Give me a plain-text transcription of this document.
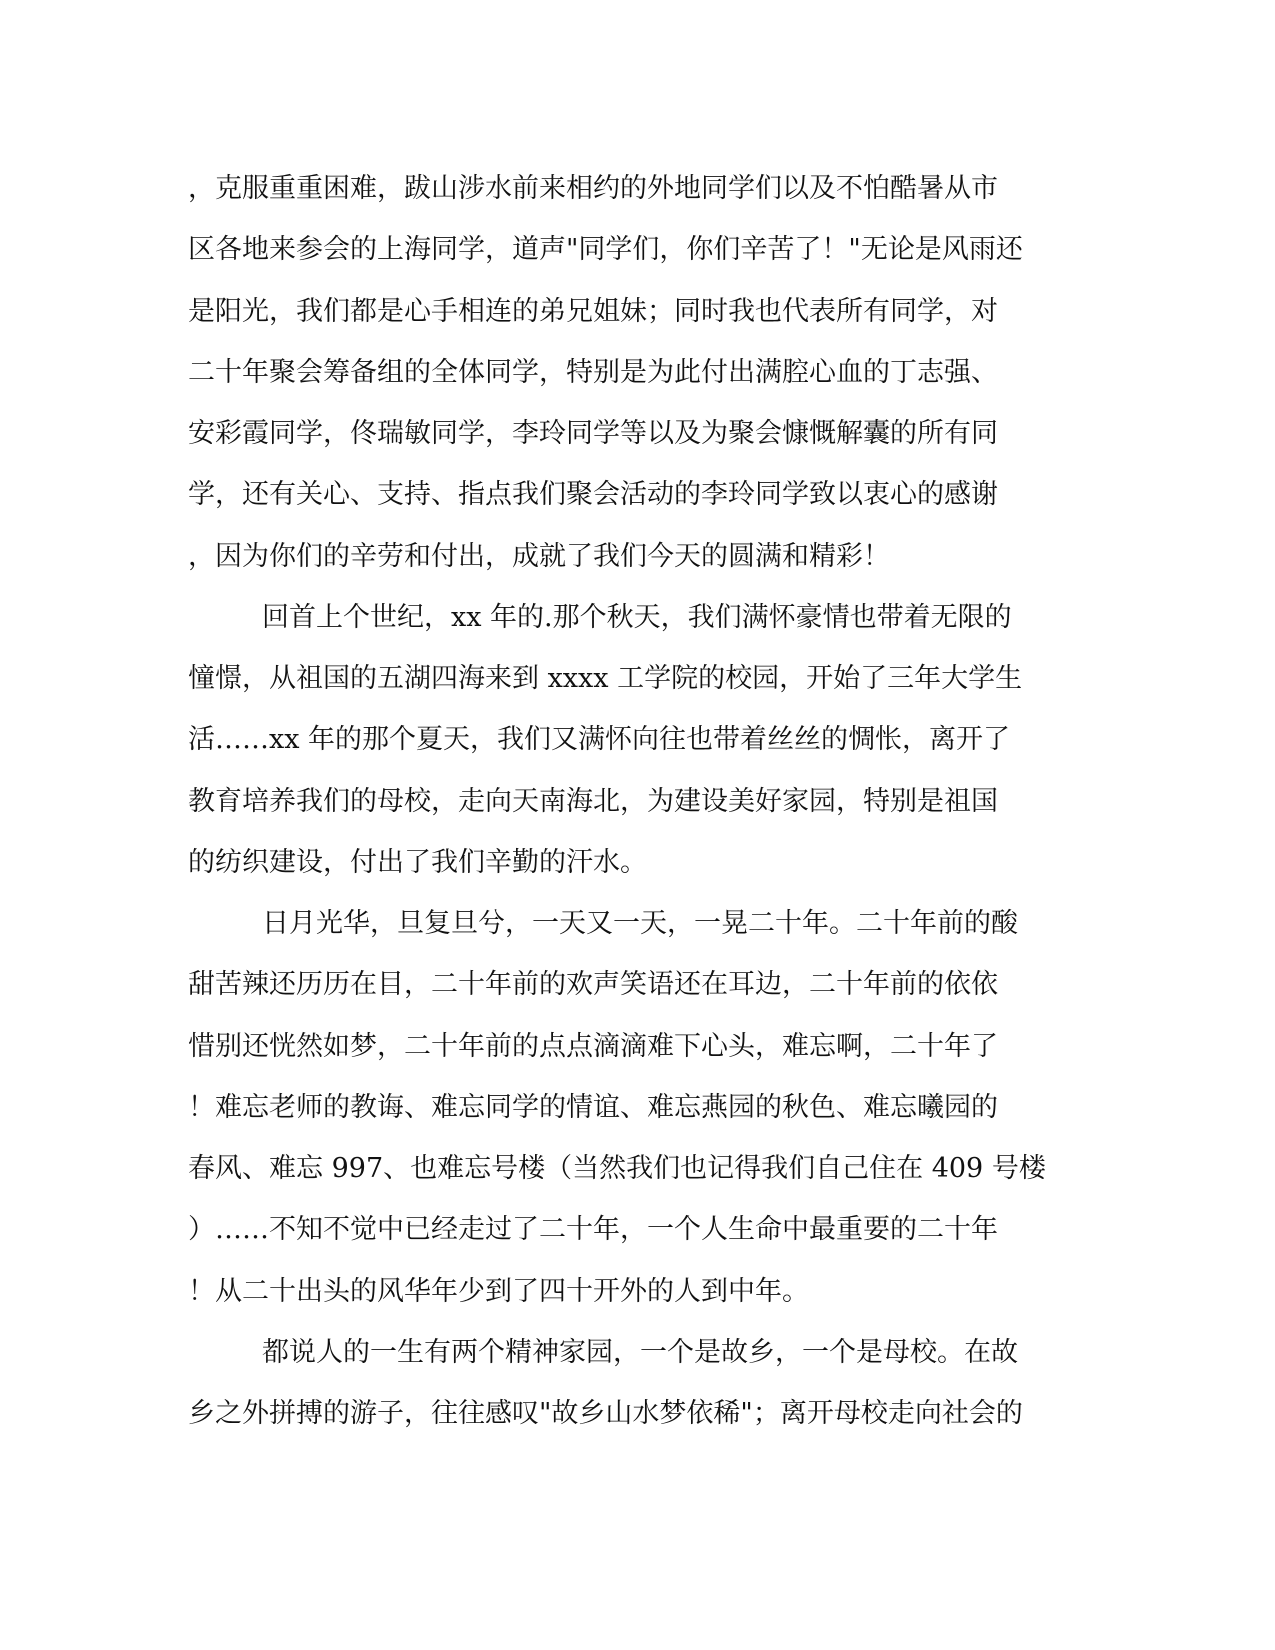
，克服重重困难，跋山涉水前来相约的外地同学们以及不怕酷暑从市
区各地来参会的上海同学，道声"同学们，你们辛苦了！"无论是风雨还
是阳光，我们都是心手相连的弟兄姐妹；同时我也代表所有同学，对
二十年聚会筹备组的全体同学，特别是为此付出满腔心血的丁志强、
安彩霞同学，佟瑞敏同学，李玲同学等以及为聚会慷慨解囊的所有同
学，还有关心、支持、指点我们聚会活动的李玲同学致以衷心的感谢
，因为你们的辛劳和付出，成就了我们今天的圆满和精彩！
回首上个世纪，xx 年的.那个秋天，我们满怀豪情也带着无限的
憧憬，从祖国的五湖四海来到 xxxx 工学院的校园，开始了三年大学生
活……xx 年的那个夏天，我们又满怀向往也带着丝丝的惆怅，离开了
教育培养我们的母校，走向天南海北，为建设美好家园，特别是祖国
的纺织建设，付出了我们辛勤的汗水。
日月光华，旦复旦兮，一天又一天，一晃二十年。二十年前的酸
甜苦辣还历历在目，二十年前的欢声笑语还在耳边，二十年前的依依
惜别还恍然如梦，二十年前的点点滴滴难下心头，难忘啊，二十年了
！难忘老师的教诲、难忘同学的情谊、难忘燕园的秋色、难忘曦园的
春风、难忘 997、也难忘号楼（当然我们也记得我们自己住在 409 号楼
）……不知不觉中已经走过了二十年，一个人生命中最重要的二十年
！从二十出头的风华年少到了四十开外的人到中年。
都说人的一生有两个精神家园，一个是故乡，一个是母校。在故
乡之外拼搏的游子，往往感叹"故乡山水梦依稀"；离开母校走向社会的
